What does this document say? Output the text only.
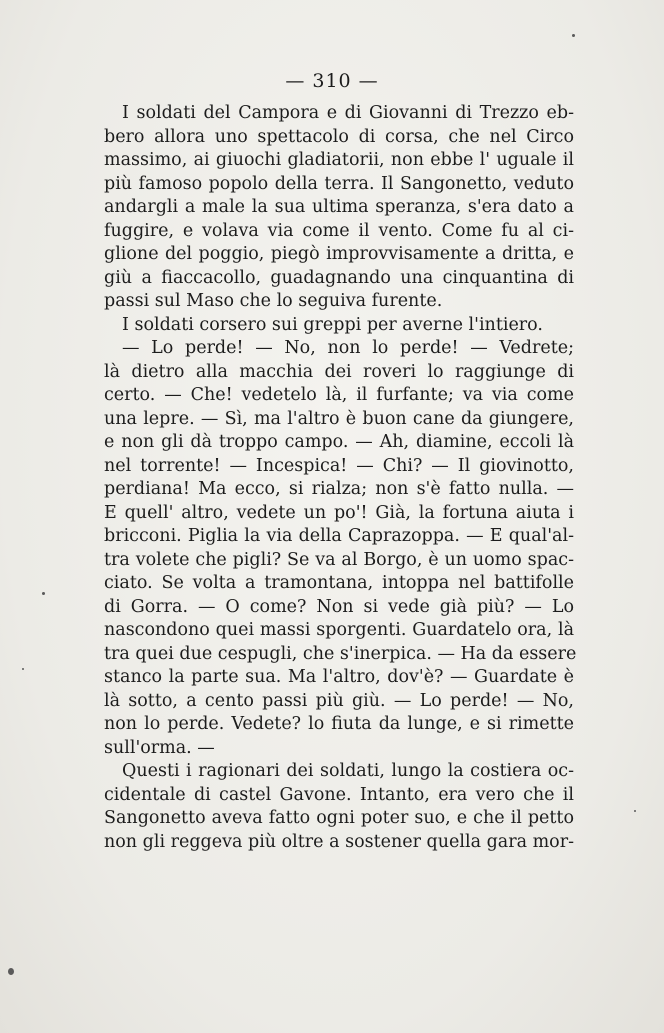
— 310 —
I soldati del Campora e di Giovanni di Trezzo eb-
bero allora uno spettacolo di corsa, che nel Circo
massimo, ai giuochi gladiatorii, non ebbe l' uguale il
più famoso popolo della terra. Il Sangonetto, veduto
andargli a male la sua ultima speranza, s'era dato a
fuggire, e volava via come il vento. Come fu al ci-
glione del poggio, piegò improvvisamente a dritta, e
giù a fiaccacollo, guadagnando una cinquantina di
passi sul Maso che lo seguiva furente.
I soldati corsero sui greppi per averne l'intiero.
— Lo perde! — No, non lo perde! — Vedrete;
là dietro alla macchia dei roveri lo raggiunge di
certo. — Che! vedetelo là, il furfante; va via come
una lepre. — Sì, ma l'altro è buon cane da giungere,
e non gli dà troppo campo. — Ah, diamine, eccoli là
nel torrente! — Incespica! — Chi? — Il giovinotto,
perdiana! Ma ecco, si rialza; non s'è fatto nulla. —
E quell' altro, vedete un po'! Già, la fortuna aiuta i
bricconi. Piglia la via della Caprazoppa. — E qual'al-
tra volete che pigli? Se va al Borgo, è un uomo spac-
ciato. Se volta a tramontana, intoppa nel battifolle
di Gorra. — O come? Non si vede già più? — Lo
nascondono quei massi sporgenti. Guardatelo ora, là
tra quei due cespugli, che s'inerpica. — Ha da essere
stanco la parte sua. Ma l'altro, dov'è? — Guardate è
là sotto, a cento passi più giù. — Lo perde! — No,
non lo perde. Vedete? lo fiuta da lunge, e si rimette
sull'orma. —
Questi i ragionari dei soldati, lungo la costiera oc-
cidentale di castel Gavone. Intanto, era vero che il
Sangonetto aveva fatto ogni poter suo, e che il petto
non gli reggeva più oltre a sostener quella gara mor-
